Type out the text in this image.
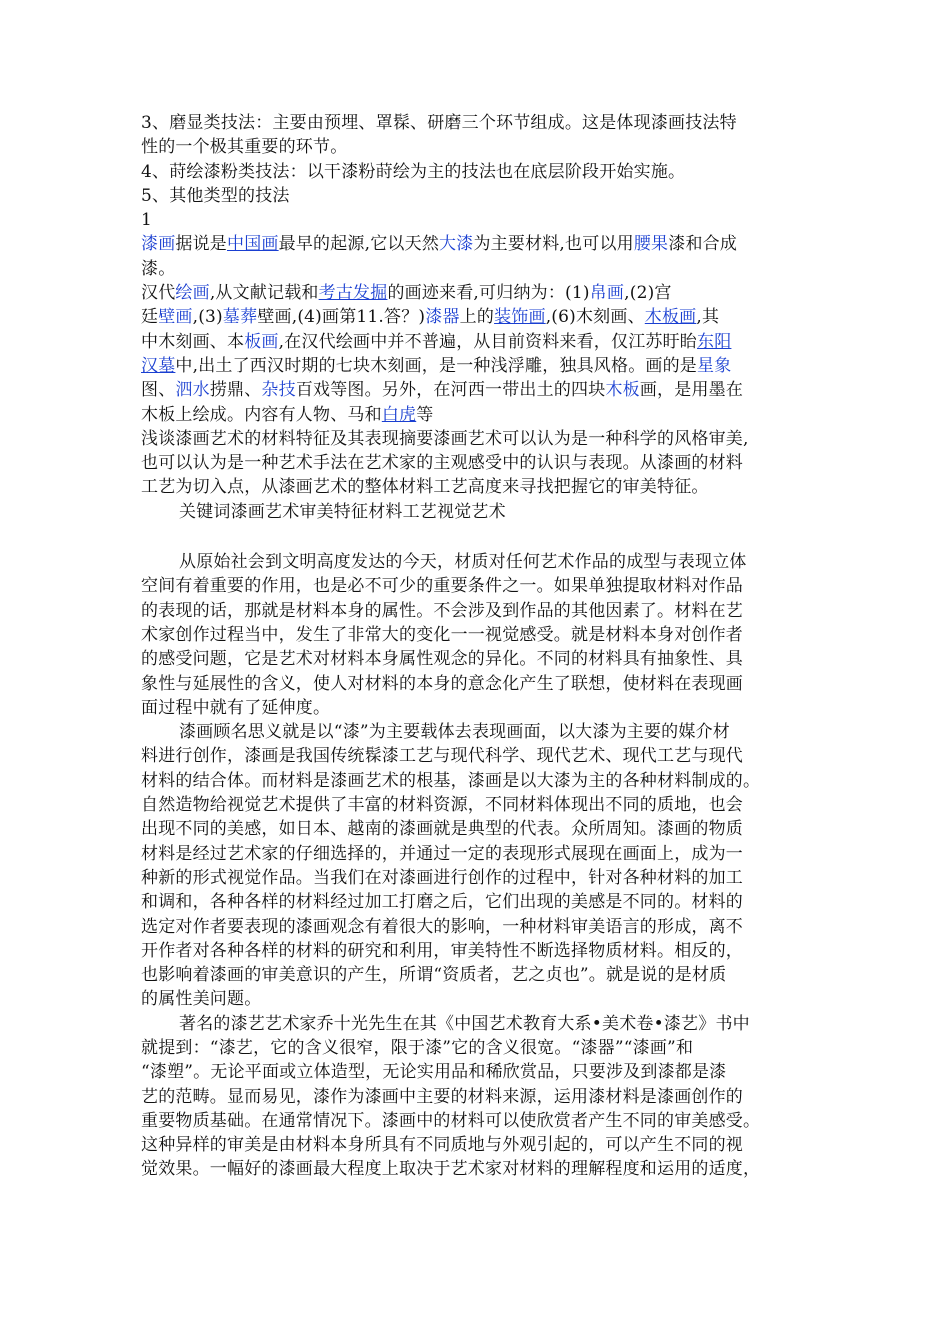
3、磨显类技法：主要由预埋、罩髹、研磨三个环节组成。这是体现漆画技法特
性的一个极其重要的环节。
4、莳绘漆粉类技法：以干漆粉莳绘为主的技法也在底层阶段开始实施。
5、其他类型的技法
1
漆画据说是中国画最早的起源,它以天然大漆为主要材料,也可以用腰果漆和合成
漆。
汉代绘画,从文献记载和考古发掘的画迹来看,可归纳为：(1)帛画,(2)宫
廷壁画,(3)墓葬壁画,(4)画第11.答？)漆器上的装饰画,(6)木刻画、木板画,其
中木刻画、本板画,在汉代绘画中并不普遍，从目前资料来看，仅江苏盱眙东阳
汉墓中,出土了西汉时期的七块木刻画，是一种浅浮雕，独具风格。画的是星象
图、泗水捞鼎、杂技百戏等图。另外，在河西一带出土的四块木板画，是用墨在
木板上绘成。内容有人物、马和白虎等
浅谈漆画艺术的材料特征及其表现摘要漆画艺术可以认为是一种科学的风格审美,
也可以认为是一种艺术手法在艺术家的主观感受中的认识与表现。从漆画的材料
工艺为切入点，从漆画艺术的整体材料工艺高度来寻找把握它的审美特征。
关键词漆画艺术审美特征材料工艺视觉艺术
从原始社会到文明高度发达的今天，材质对任何艺术作品的成型与表现立体
空间有着重要的作用，也是必不可少的重要条件之一。如果单独提取材料对作品
的表现的话，那就是材料本身的属性。不会涉及到作品的其他因素了。材料在艺
术家创作过程当中，发生了非常大的变化一一视觉感受。就是材料本身对创作者
的感受问题，它是艺术对材料本身属性观念的异化。不同的材料具有抽象性、具
象性与延展性的含义，使人对材料的本身的意念化产生了联想，使材料在表现画
面过程中就有了延伸度。
漆画顾名思义就是以“漆”为主要载体去表现画面，以大漆为主要的媒介材
料进行创作，漆画是我国传统髹漆工艺与现代科学、现代艺术、现代工艺与现代
材料的结合体。而材料是漆画艺术的根基，漆画是以大漆为主的各种材料制成的。
自然造物给视觉艺术提供了丰富的材料资源，不同材料体现出不同的质地，也会
出现不同的美感，如日本、越南的漆画就是典型的代表。众所周知。漆画的物质
材料是经过艺术家的仔细选择的，并通过一定的表现形式展现在画面上，成为一
种新的形式视觉作品。当我们在对漆画进行创作的过程中，针对各种材料的加工
和调和，各种各样的材料经过加工打磨之后，它们出现的美感是不同的。材料的
选定对作者要表现的漆画观念有着很大的影响，一种材料审美语言的形成，离不
开作者对各种各样的材料的研究和利用，审美特性不断选择物质材料。相反的，
也影响着漆画的审美意识的产生，所谓“资质者，艺之贞也”。就是说的是材质
的属性美问题。
著名的漆艺艺术家乔十光先生在其《中国艺术教育大系•美术卷•漆艺》书中
就提到：“漆艺，它的含义很窄，限于漆”它的含义很宽。“漆器”“漆画”和
“漆塑”。无论平面或立体造型，无论实用品和稀欣赏品，只要涉及到漆都是漆
艺的范畴。显而易见，漆作为漆画中主要的材料来源，运用漆材料是漆画创作的
重要物质基础。在通常情况下。漆画中的材料可以使欣赏者产生不同的审美感受。
这种异样的审美是由材料本身所具有不同质地与外观引起的，可以产生不同的视
觉效果。一幅好的漆画最大程度上取决于艺术家对材料的理解程度和运用的适度，
